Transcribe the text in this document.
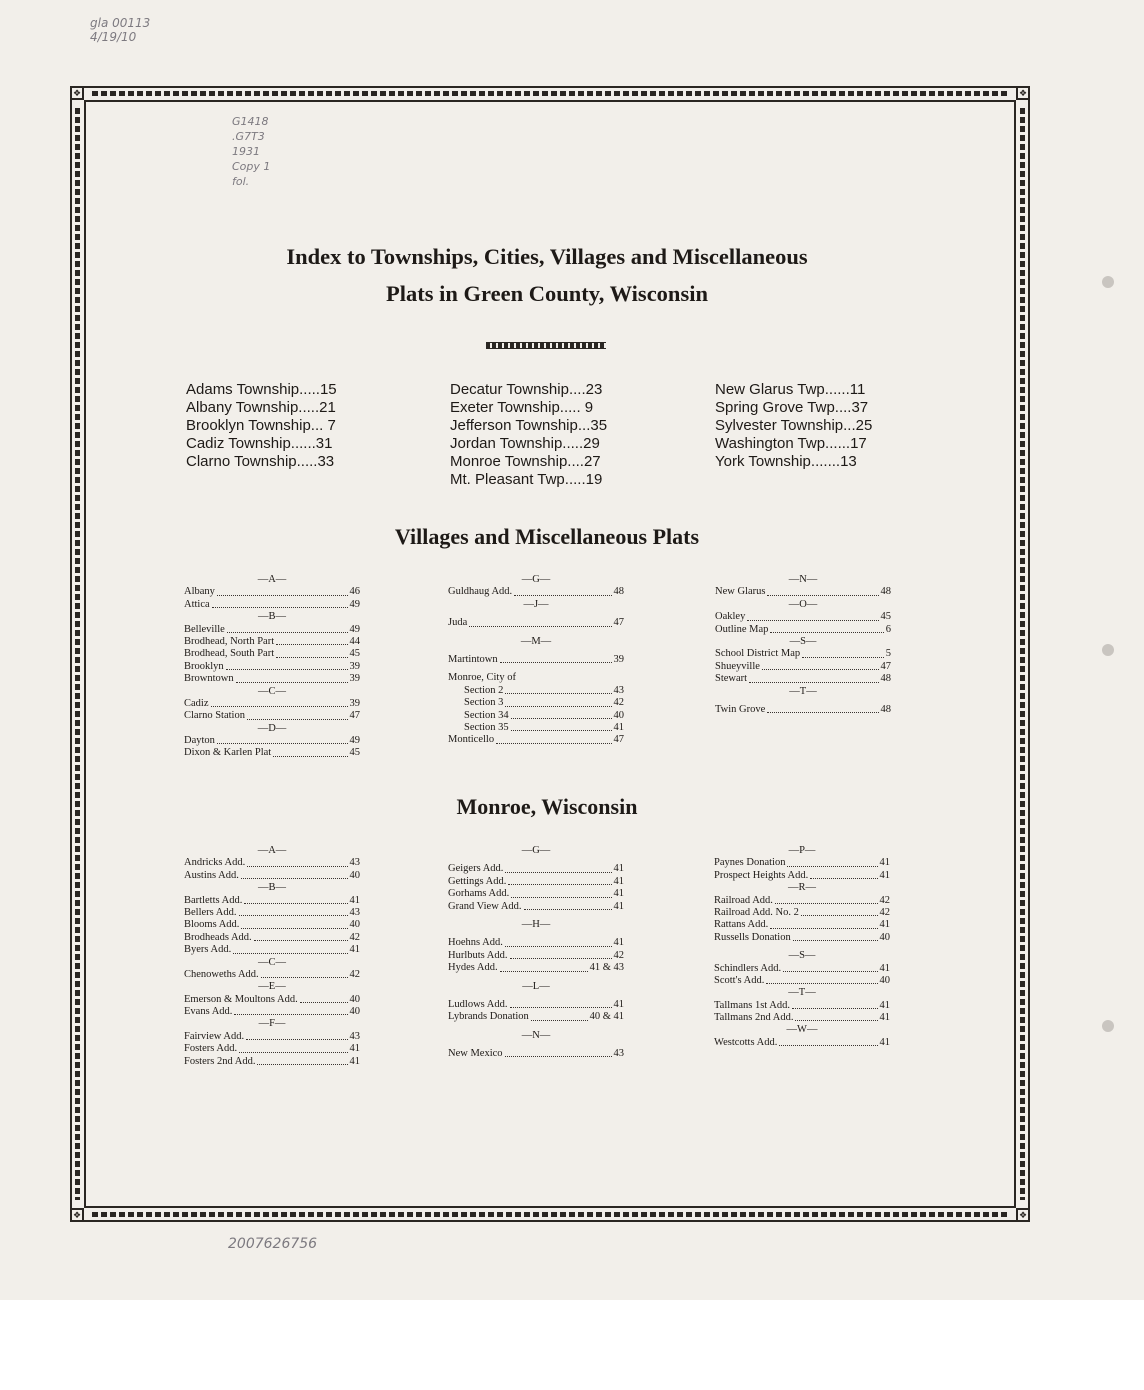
gla 00113
4/19/10
❖	❖
❖	❖
G1418
.G7T3
1931
Copy 1
fol.
Index to Townships, Cities, Villages and Miscellaneous
Plats in Green County, Wisconsin
Adams Township.....15
Albany Township.....21
Brooklyn Township... 7
Cadiz Township......31
Clarno Township.....33
Decatur Township....23
Exeter Township..... 9
Jefferson Township...35
Jordan Township.....29
Monroe Township....27
Mt. Pleasant Twp.....19
New Glarus Twp......11
Spring Grove Twp....37
Sylvester Township...25
Washington Twp......17
York Township.......13
Villages and Miscellaneous Plats
—A—
Albany	46
Attica	49
—B—
Belleville	49
Brodhead, North Part	44
Brodhead, South Part	45
Brooklyn	39
Browntown	39
—C—
Cadiz	39
Clarno Station	47
—D—
Dayton	49
Dixon & Karlen Plat	45
—G—
Guldhaug Add.	48
—J—
Juda	47
—M—
Martintown	39
Monroe, City of
Section 2	43
Section 3	42
Section 34	40
Section 35	41
Monticello	47
—N—
New Glarus	48
—O—
Oakley	45
Outline Map	6
—S—
School District Map	5
Shueyville	47
Stewart	48
—T—
Twin Grove	48
Monroe, Wisconsin
—A—
Andricks Add.	43
Austins Add.	40
—B—
Bartletts Add.	41
Bellers Add.	43
Blooms Add.	40
Brodheads Add.	42
Byers Add.	41
—C—
Chenoweths Add.	42
—E—
Emerson & Moultons Add.	40
Evans Add.	40
—F—
Fairview Add.	43
Fosters Add.	41
Fosters 2nd Add.	41
—G—
Geigers Add.	41
Gettings Add.	41
Gorhams Add.	41
Grand View Add.	41
—H—
Hoehns Add.	41
Hurlbuts Add.	42
Hydes Add.	41 & 43
—L—
Ludlows Add.	41
Lybrands Donation	40 & 41
—N—
New Mexico	43
—P—
Paynes Donation	41
Prospect Heights Add.	41
—R—
Railroad Add.	42
Railroad Add. No. 2	42
Rattans Add.	41
Russells Donation	40
—S—
Schindlers Add.	41
Scott's Add.	40
—T—
Tallmans 1st Add.	41
Tallmans 2nd Add.	41
—W—
Westcotts Add.	41
2007626756
